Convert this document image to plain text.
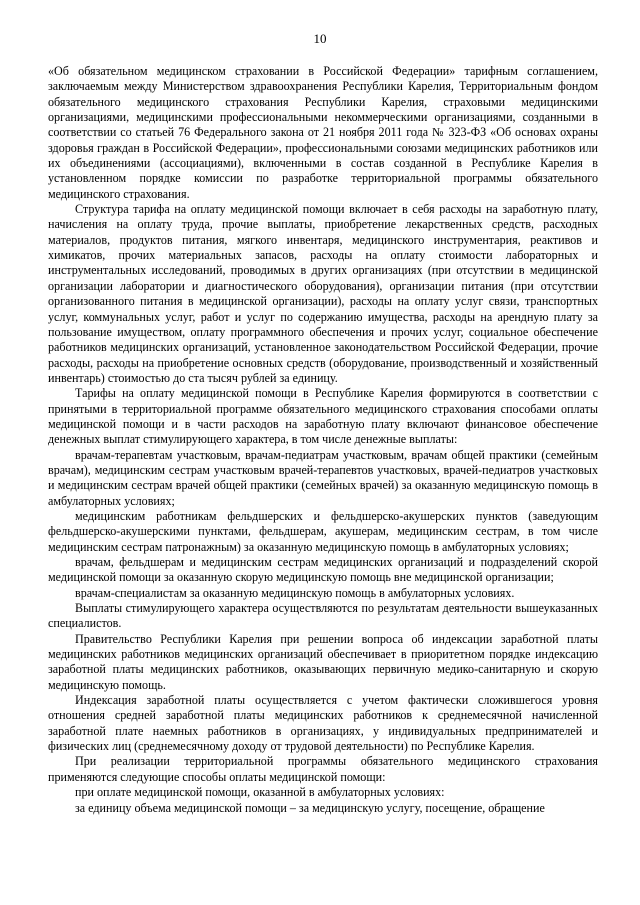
10

«Об обязательном медицинском страховании в Российской Федерации» тарифным соглашением, заключаемым между Министерством здравоохранения Республики Карелия, Территориальным фондом обязательного медицинского страхования Республики Карелия, страховыми медицинскими организациями, медицинскими профессиональными некоммерческими организациями, созданными в соответствии со статьей 76 Федерального закона от 21 ноября 2011 года № 323-ФЗ «Об основах охраны здоровья граждан в Российской Федерации», профессиональными союзами медицинских работников или их объединениями (ассоциациями), включенными в состав созданной в Республике Карелия в установленном порядке комиссии по разработке территориальной программы обязательного медицинского страхования.

Структура тарифа на оплату медицинской помощи включает в себя расходы на заработную плату, начисления на оплату труда, прочие выплаты, приобретение лекарственных средств, расходных материалов, продуктов питания, мягкого инвентаря, медицинского инструментария, реактивов и химикатов, прочих материальных запасов, расходы на оплату стоимости лабораторных и инструментальных исследований, проводимых в других организациях (при отсутствии в медицинской организации лаборатории и диагностического оборудования), организации питания (при отсутствии организованного питания в медицинской организации), расходы на оплату услуг связи, транспортных услуг, коммунальных услуг, работ и услуг по содержанию имущества, расходы на арендную плату за пользование имуществом, оплату программного обеспечения и прочих услуг, социальное обеспечение работников медицинских организаций, установленное законодательством Российской Федерации, прочие расходы, расходы на приобретение основных средств (оборудование, производственный и хозяйственный инвентарь) стоимостью до ста тысяч рублей за единицу.

Тарифы на оплату медицинской помощи в Республике Карелия формируются в соответствии с принятыми в территориальной программе обязательного медицинского страхования способами оплаты медицинской помощи и в части расходов на заработную плату включают финансовое обеспечение денежных выплат стимулирующего характера, в том числе денежные выплаты:

врачам-терапевтам участковым, врачам-педиатрам участковым, врачам общей практики (семейным врачам), медицинским сестрам участковым врачей-терапевтов участковых, врачей-педиатров участковых и медицинским сестрам врачей общей практики (семейных врачей) за оказанную медицинскую помощь в амбулаторных условиях;

медицинским работникам фельдшерских и фельдшерско-акушерских пунктов (заведующим фельдшерско-акушерскими пунктами, фельдшерам, акушерам, медицинским сестрам, в том числе медицинским сестрам патронажным) за оказанную медицинскую помощь в амбулаторных условиях;

врачам, фельдшерам и медицинским сестрам медицинских организаций и подразделений скорой медицинской помощи за оказанную скорую медицинскую помощь вне медицинской организации;

врачам-специалистам за оказанную медицинскую помощь в амбулаторных условиях.

Выплаты стимулирующего характера осуществляются по результатам деятельности вышеуказанных специалистов.

Правительство Республики Карелия при решении вопроса об индексации заработной платы медицинских работников медицинских организаций обеспечивает в приоритетном порядке индексацию заработной платы медицинских работников, оказывающих первичную медико-санитарную и скорую медицинскую помощь.

Индексация заработной платы осуществляется с учетом фактически сложившегося уровня отношения средней заработной платы медицинских работников к среднемесячной начисленной заработной плате наемных работников в организациях, у индивидуальных предпринимателей и физических лиц (среднемесячному доходу от трудовой деятельности) по Республике Карелия.

При реализации территориальной программы обязательного медицинского страхования применяются следующие способы оплаты медицинской помощи:

при оплате медицинской помощи, оказанной в амбулаторных условиях:

за единицу объема медицинской помощи – за медицинскую услугу, посещение, обращение
